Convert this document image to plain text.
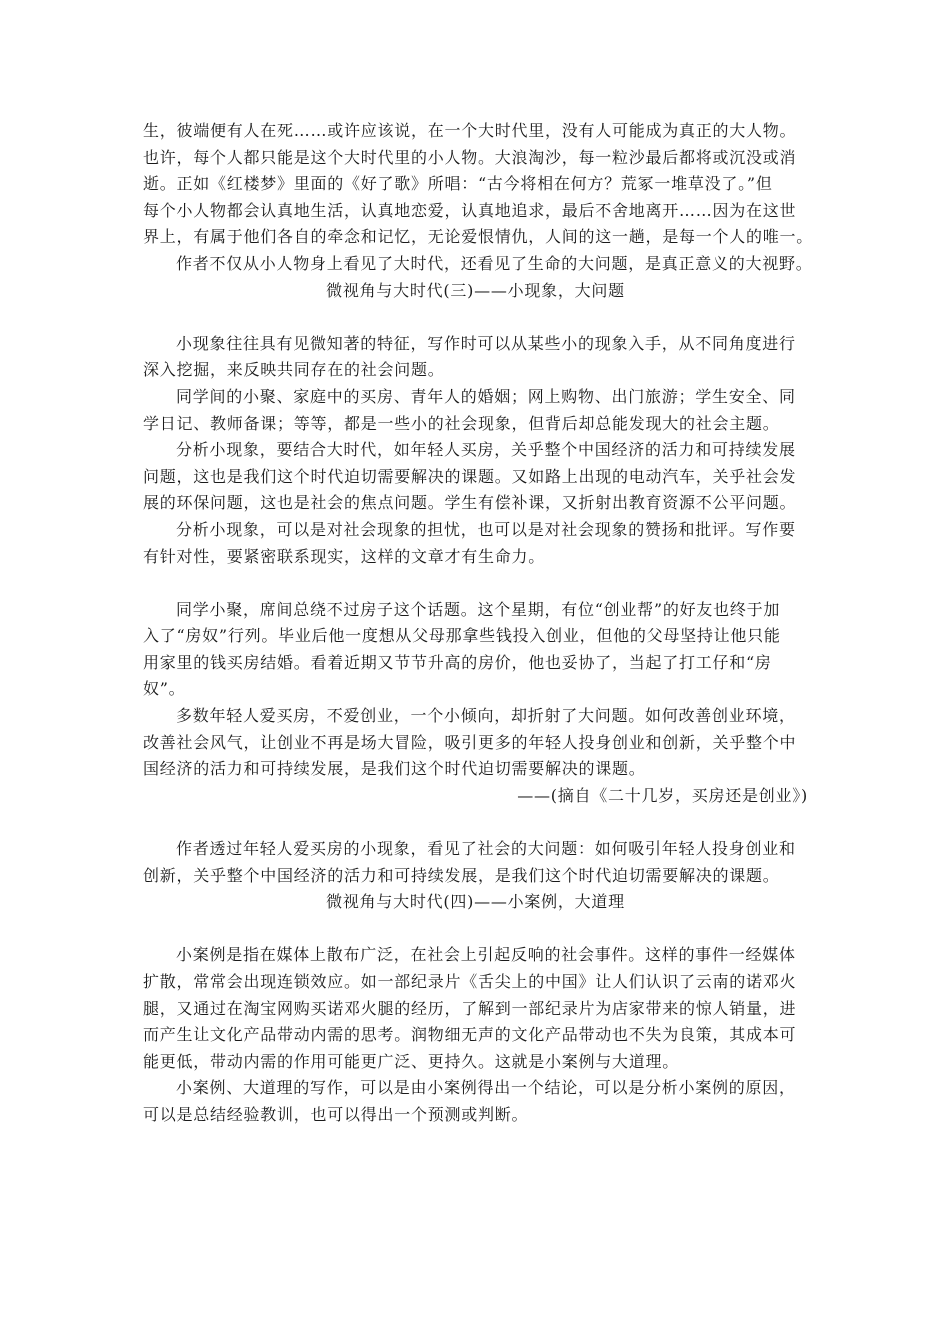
生，彼端便有人在死……或许应该说，在一个大时代里，没有人可能成为真正的大人物。

也许，每个人都只能是这个大时代里的小人物。大浪淘沙，每一粒沙最后都将或沉没或消

逝。正如《红楼梦》里面的《好了歌》所唱：“古今将相在何方？荒冢一堆草没了。”但

每个小人物都会认真地生活，认真地恋爱，认真地追求，最后不舍地离开……因为在这世

界上，有属于他们各自的牵念和记忆，无论爱恨情仇，人间的这一趟，是每一个人的唯一。

作者不仅从小人物身上看见了大时代，还看见了生命的大问题，是真正意义的大视野。

微视角与大时代(三)——小现象，大问题

小现象往往具有见微知著的特征，写作时可以从某些小的现象入手，从不同角度进行

深入挖掘，来反映共同存在的社会问题。

同学间的小聚、家庭中的买房、青年人的婚姻；网上购物、出门旅游；学生安全、同

学日记、教师备课；等等，都是一些小的社会现象，但背后却总能发现大的社会主题。

分析小现象，要结合大时代，如年轻人买房，关乎整个中国经济的活力和可持续发展

问题，这也是我们这个时代迫切需要解决的课题。又如路上出现的电动汽车，关乎社会发

展的环保问题，这也是社会的焦点问题。学生有偿补课，又折射出教育资源不公平问题。

分析小现象，可以是对社会现象的担忧，也可以是对社会现象的赞扬和批评。写作要

有针对性，要紧密联系现实，这样的文章才有生命力。

同学小聚，席间总绕不过房子这个话题。这个星期，有位“创业帮”的好友也终于加

入了“房奴”行列。毕业后他一度想从父母那拿些钱投入创业，但他的父母坚持让他只能

用家里的钱买房结婚。看着近期又节节升高的房价，他也妥协了，当起了打工仔和“房

奴”。

多数年轻人爱买房，不爱创业，一个小倾向，却折射了大问题。如何改善创业环境，

改善社会风气，让创业不再是场大冒险，吸引更多的年轻人投身创业和创新，关乎整个中

国经济的活力和可持续发展，是我们这个时代迫切需要解决的课题。

——(摘自《二十几岁，买房还是创业》)

作者透过年轻人爱买房的小现象，看见了社会的大问题：如何吸引年轻人投身创业和

创新，关乎整个中国经济的活力和可持续发展，是我们这个时代迫切需要解决的课题。

微视角与大时代(四)——小案例，大道理

小案例是指在媒体上散布广泛，在社会上引起反响的社会事件。这样的事件一经媒体

扩散，常常会出现连锁效应。如一部纪录片《舌尖上的中国》让人们认识了云南的诺邓火

腿，又通过在淘宝网购买诺邓火腿的经历，了解到一部纪录片为店家带来的惊人销量，进

而产生让文化产品带动内需的思考。润物细无声的文化产品带动也不失为良策，其成本可

能更低，带动内需的作用可能更广泛、更持久。这就是小案例与大道理。

小案例、大道理的写作，可以是由小案例得出一个结论，可以是分析小案例的原因，

可以是总结经验教训，也可以得出一个预测或判断。
